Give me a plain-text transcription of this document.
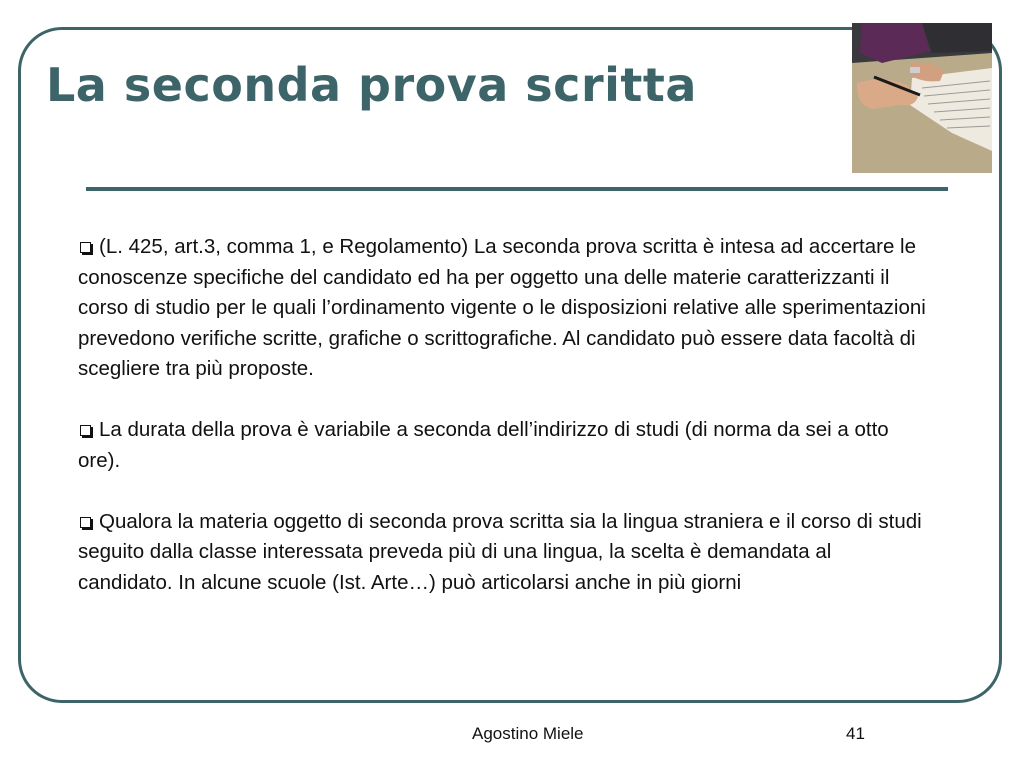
La seconda prova scritta

(L. 425, art.3, comma 1, e Regolamento) La seconda prova scritta è intesa ad accertare le conoscenze specifiche del candidato ed ha per oggetto una delle materie caratterizzanti il corso di studio per le quali l’ordinamento vigente o le disposizioni relative alle sperimentazioni prevedono verifiche scritte, grafiche o scrittografiche. Al candidato può essere data facoltà di scegliere tra più proposte.

La durata della prova è variabile a seconda dell’indirizzo di studi (di norma da sei a otto ore).

Qualora la materia oggetto di seconda prova scritta sia la lingua straniera e il corso di studi seguito dalla classe interessata preveda più di una lingua, la scelta è demandata al candidato. In alcune scuole (Ist. Arte…) può articolarsi anche in più giorni

Agostino Miele	41
